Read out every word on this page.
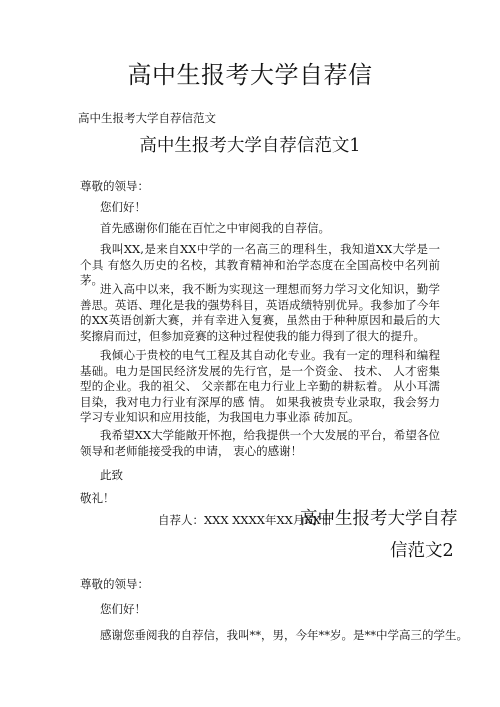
高中生报考大学自荐信
高中生报考大学自荐信范文
高中生报考大学自荐信范文1
尊敬的领导：
您们好！
首先感谢你们能在百忙之中审阅我的自荐信。
我叫XX,是来自XX中学的一名高三的理科生，我知道XX大学是一个具 有悠久历史的名校，其教育精神和治学态度在全国高校中名列前茅。
进入高中以来，我不断为实现这一理想而努力学习文化知识，勤学善思。英语、理化是我的强势科目，英语成绩特别优异。我参加了今年的XX英语创新大赛，并有幸进入复赛，虽然由于种种原因和最后的大奖擦肩而过，但参加竞赛的这种过程使我的能力得到了很大的提升。
我倾心于贵校的电气工程及其自动化专业。我有一定的理科和编程基础。电力是国民经济发展的先行官，是一个资金、 技术、 人才密集型的企业。我的祖父、 父亲都在电力行业上辛勤的耕耘着。 从小耳濡目染，我对电力行业有深厚的感 情。 如果我被贵专业录取，我会努力学习专业知识和应用技能，为我国电力事业添 砖加瓦。
我希望XX大学能敞开怀抱，给我提供一个大发展的平台，希望各位领导和老师能接受我的申请， 衷心的感谢！
此致
敬礼！
自荐人：XXX XXXX年XX月XX日
高中生报考大学自荐
信范文2
尊敬的领导：
您们好！
感谢您垂阅我的自荐信，我叫**，男，今年**岁。是**中学高三的学生。
